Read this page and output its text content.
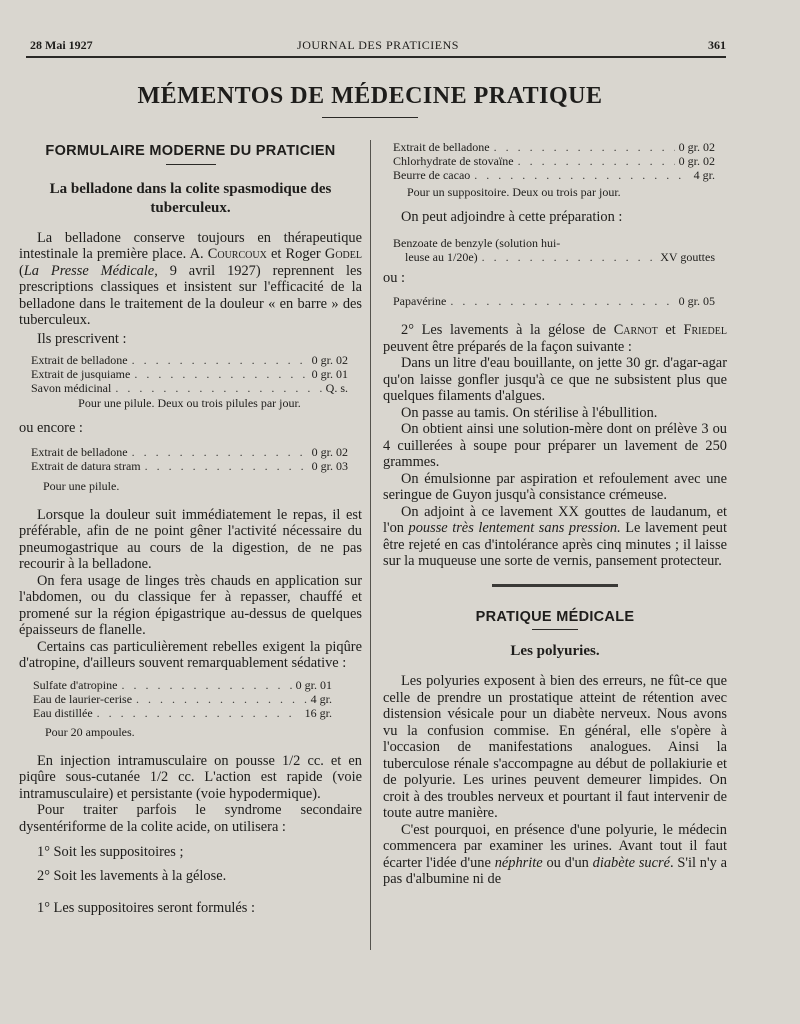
28 Mai 1927	JOURNAL DES PRATICIENS	361
MÉMENTOS DE MÉDECINE PRATIQUE
FORMULAIRE MODERNE DU PRATICIEN
La belladone dans la colite spasmodique des tuberculeux.

La belladone conserve toujours en thérapeutique intestinale la première place. A. Courcoux et Roger Godel (La Presse Médicale, 9 avril 1927) reprennent les prescriptions classiques et insistent sur l'efficacité de la belladone dans le traitement de la douleur « en barre » des tuberculeux.

Ils prescrivent :

Extrait de belladone . . .	0 gr. 02
Extrait de jusquiame . . .	0 gr. 01
Savon médicinal . . .	Q. s.
Pour une pilule. Deux ou trois pilules par jour.

ou encore :

Extrait de belladone . . .	0 gr. 02
Extrait de datura stram . . .	0 gr. 03
Pour une pilule.

Lorsque la douleur suit immédiatement le repas, il est préférable, afin de ne point gêner l'activité nécessaire du pneumogastrique au cours de la digestion, de ne pas recourir à la belladone.

On fera usage de linges très chauds en application sur l'abdomen, ou du classique fer à repasser, chauffé et promené sur la région épigastrique au-dessus de quelques épaisseurs de flanelle.

Certains cas particulièrement rebelles exigent la piqûre d'atropine, d'ailleurs souvent remarquablement sédative :

Sulfate d'atropine . . .	0 gr. 01
Eau de laurier-cerise . . .	4 gr.
Eau distillée . . .	16 gr.
Pour 20 ampoules.

En injection intramusculaire on pousse 1/2 cc. et en piqûre sous-cutanée 1/2 cc. L'action est rapide (voie intramusculaire) et persistante (voie hypodermique).

Pour traiter parfois le syndrome secondaire dysentériforme de la colite acide, on utilisera :

1° Soit les suppositoires ;

2° Soit les lavements à la gélose.

1° Les suppositoires seront formulés :

Extrait de belladone . . .	0 gr. 02
Chlorhydrate de stovaïne . . .	0 gr. 02
Beurre de cacao . . .	4 gr.
Pour un suppositoire. Deux ou trois par jour.

On peut adjoindre à cette préparation :

Benzoate de benzyle (solution hui-
leuse au 1/20e) . . .	XV gouttes

ou :

Papavérine . . .	0 gr. 05

2° Les lavements à la gélose de Carnot et Friedel peuvent être préparés de la façon suivante :

Dans un litre d'eau bouillante, on jette 30 gr. d'agar-agar qu'on laisse gonfler jusqu'à ce que ne subsistent plus que quelques filaments d'algues.

On passe au tamis. On stérilise à l'ébullition.

On obtient ainsi une solution-mère dont on prélève 3 ou 4 cuillerées à soupe pour préparer un lavement de 250 grammes.

On émulsionne par aspiration et refoulement avec une seringue de Guyon jusqu'à consistance crémeuse.

On adjoint à ce lavement XX gouttes de laudanum, et l'on pousse très lentement sans pression. Le lavement peut être rejeté en cas d'intolérance après cinq minutes ; il laisse sur la muqueuse une sorte de vernis, pansement protecteur.

PRATIQUE MÉDICALE
Les polyuries.

Les polyuries exposent à bien des erreurs, ne fût-ce que celle de prendre un prostatique atteint de rétention avec distension vésicale pour un diabète nerveux. Nous avons vu la confusion commise. En général, elle s'opère à l'occasion de manifestations analogues. Ainsi la tuberculose rénale s'accompagne au début de pollakiurie et de polyurie. Les urines peuvent demeurer limpides. On croit à des troubles nerveux et pourtant il faut intervenir de toute autre manière.

C'est pourquoi, en présence d'une polyurie, le médecin commencera par examiner les urines. Avant tout il faut écarter l'idée d'une néphrite ou d'un diabète sucré. S'il n'y a pas d'albumine ni de
